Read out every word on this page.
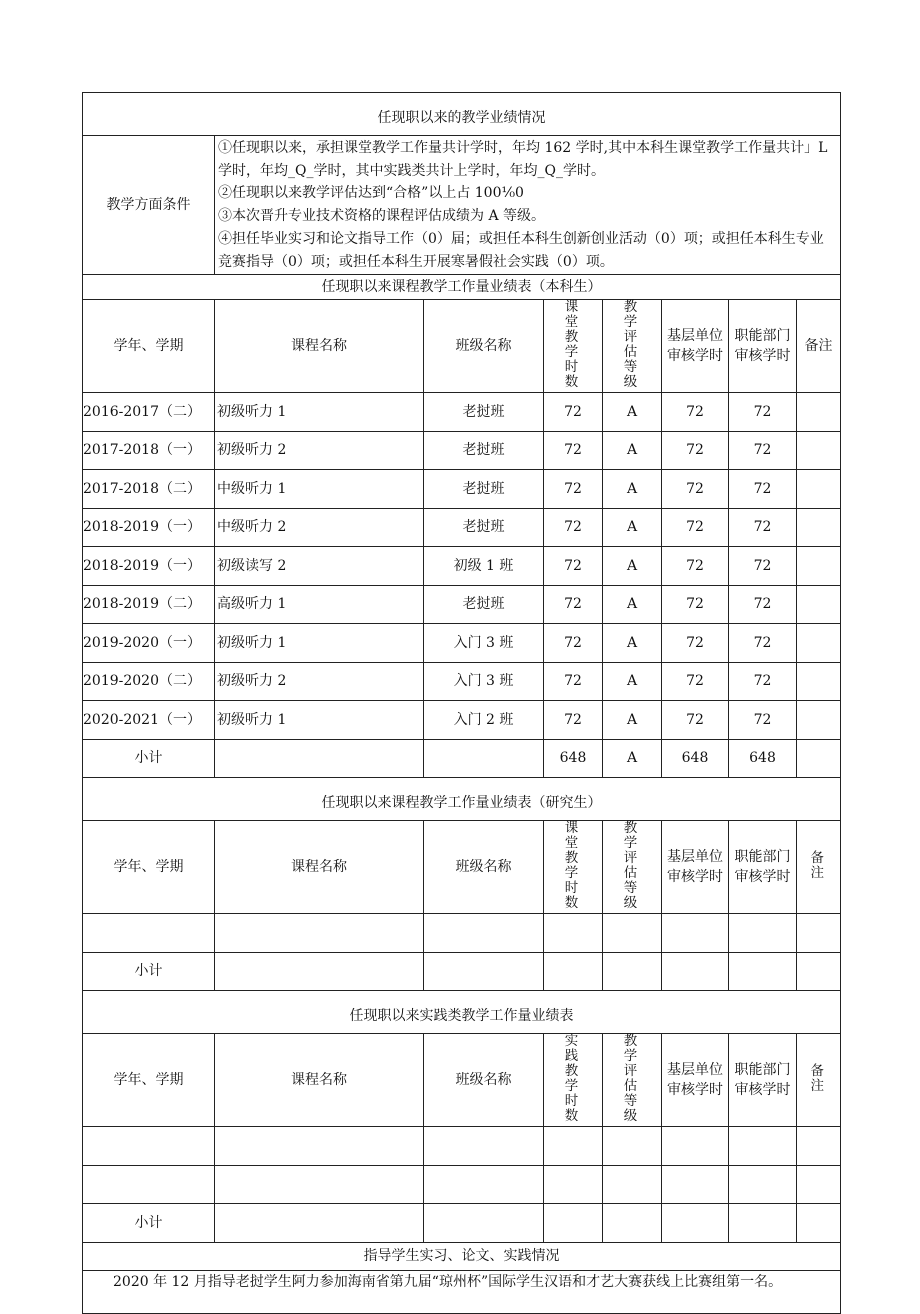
任现职以来的教学业绩情况							
教学方面条件	①任现职以来，承担课堂教学工作量共计学时，年均 162 学时,其中本科生课堂教学工作量共计」L学时，年均_Q_学时，其中实践类共计上学时，年均_Q_学时。
②任现职以来教学评估达到“合格”以上占 100⅟₀0
③本次晋升专业技术资格的课程评估成绩为 A 等级。
④担任毕业实习和论文指导工作（0）届；或担任本科生创新创业活动（0）项；或担任本科生专业竞赛指导（0）项；或担任本科生开展寒暑假社会实践（0）项。						

任现职以来课程教学工作量业绩表（本科生）							
学年、学期	课程名称	班级名称	课堂教学时数	教学评估等级	基层单位审核学时	职能部门审核学时	备注
2016-2017（二）	初级听力 1	老挝班	72	A	72	72	
2017-2018（一）	初级听力 2	老挝班	72	A	72	72	
2017-2018（二）	中级听力 1	老挝班	72	A	72	72	
2018-2019（一）	中级听力 2	老挝班	72	A	72	72	
2018-2019（一）	初级读写 2	初级 1 班	72	A	72	72	
2018-2019（二）	高级听力 1	老挝班	72	A	72	72	
2019-2020（一）	初级听力 1	入门 3 班	72	A	72	72	
2019-2020（二）	初级听力 2	入门 3 班	72	A	72	72	
2020-2021（一）	初级听力 1	入门 2 班	72	A	72	72	
小计			648	A	648	648	
任现职以来课程教学工作量业绩表（研究生）							
学年、学期	课程名称	班级名称	课堂教学时数	教学评估等级	基层单位审核学时	职能部门审核学时	备注

小计							
任现职以来实践类教学工作量业绩表							
学年、学期	课程名称	班级名称	实践教学时数	教学评估等级	基层单位审核学时	职能部门审核学时	备注

小计							
指导学生实习、论文、实践情况							
2020 年 12 月指导老挝学生阿力参加海南省第九届“琼州杯”国际学生汉语和才艺大赛获线上比赛组第一名。							
